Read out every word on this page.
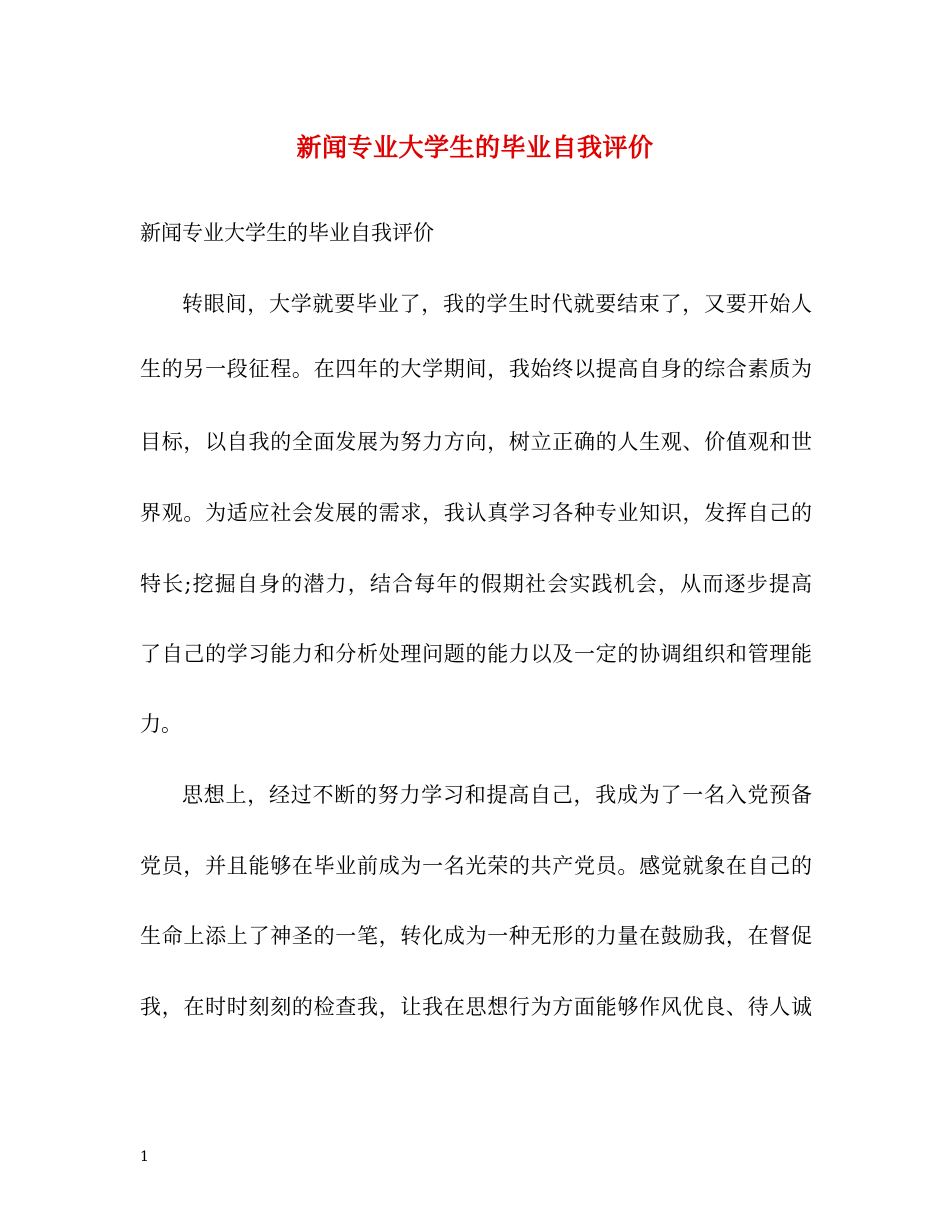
新闻专业大学生的毕业自我评价

新闻专业大学生的毕业自我评价

转眼间，大学就要毕业了，我的学生时代就要结束了，又要开始人

生的另一段征程。在四年的大学期间，我始终以提高自身的综合素质为

目标，以自我的全面发展为努力方向，树立正确的人生观、价值观和世

界观。为适应社会发展的需求，我认真学习各种专业知识，发挥自己的

特长;挖掘自身的潜力，结合每年的假期社会实践机会，从而逐步提高

了自己的学习能力和分析处理问题的能力以及一定的协调组织和管理能

力。

思想上，经过不断的努力学习和提高自己，我成为了一名入党预备

党员，并且能够在毕业前成为一名光荣的共产党员。感觉就象在自己的

生命上添上了神圣的一笔，转化成为一种无形的力量在鼓励我，在督促

我，在时时刻刻的检查我，让我在思想行为方面能够作风优良、待人诚

1
